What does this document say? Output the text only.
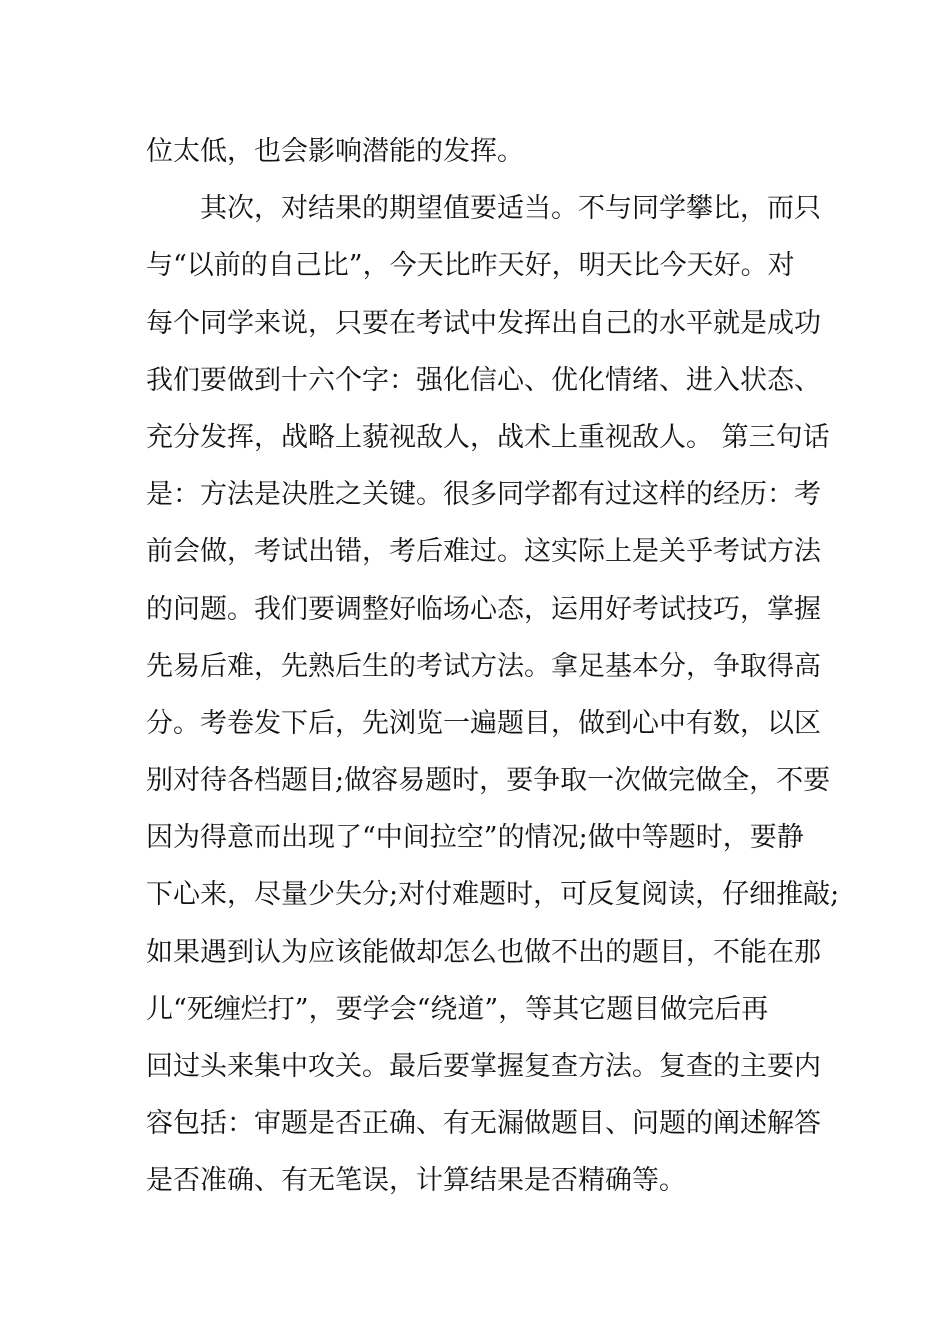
位太低，也会影响潜能的发挥。
其次，对结果的期望值要适当。不与同学攀比，而只
与“以前的自己比”，今天比昨天好，明天比今天好。对
每个同学来说，只要在考试中发挥出自己的水平就是成功
我们要做到十六个字：强化信心、优化情绪、进入状态、
充分发挥，战略上藐视敌人，战术上重视敌人。 第三句话
是：方法是决胜之关键。很多同学都有过这样的经历：考
前会做，考试出错，考后难过。这实际上是关乎考试方法
的问题。我们要调整好临场心态，运用好考试技巧，掌握
先易后难，先熟后生的考试方法。拿足基本分，争取得高
分。考卷发下后，先浏览一遍题目，做到心中有数，以区
别对待各档题目;做容易题时，要争取一次做完做全，不要
因为得意而出现了“中间拉空”的情况;做中等题时，要静
下心来，尽量少失分;对付难题时，可反复阅读，仔细推敲;
如果遇到认为应该能做却怎么也做不出的题目，不能在那
儿“死缠烂打”，要学会“绕道”，等其它题目做完后再
回过头来集中攻关。最后要掌握复查方法。复查的主要内
容包括：审题是否正确、有无漏做题目、问题的阐述解答
是否准确、有无笔误，计算结果是否精确等。
